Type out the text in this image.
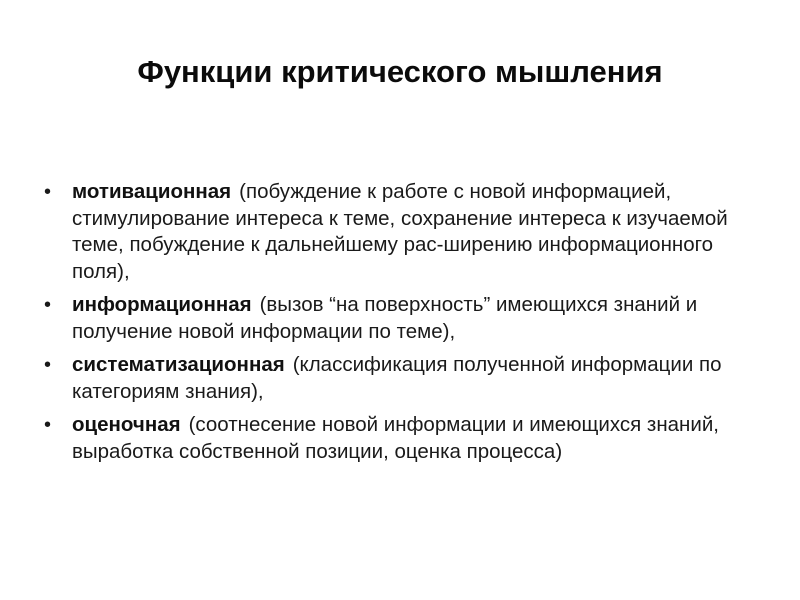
Функции критического мышления
• мотивационная (побуждение к работе с новой информацией, стимулирование интереса к теме, сохранение интереса к изучаемой теме, побуждение к дальнейшему рас-ширению информационного поля),
• информационная (вызов “на поверхность” имеющихся знаний и получение новой информации по теме),
• систематизационная (классификация полученной информации по категориям знания),
• оценочная (соотнесение новой информации и имеющихся знаний, выработка собственной позиции, оценка процесса)
